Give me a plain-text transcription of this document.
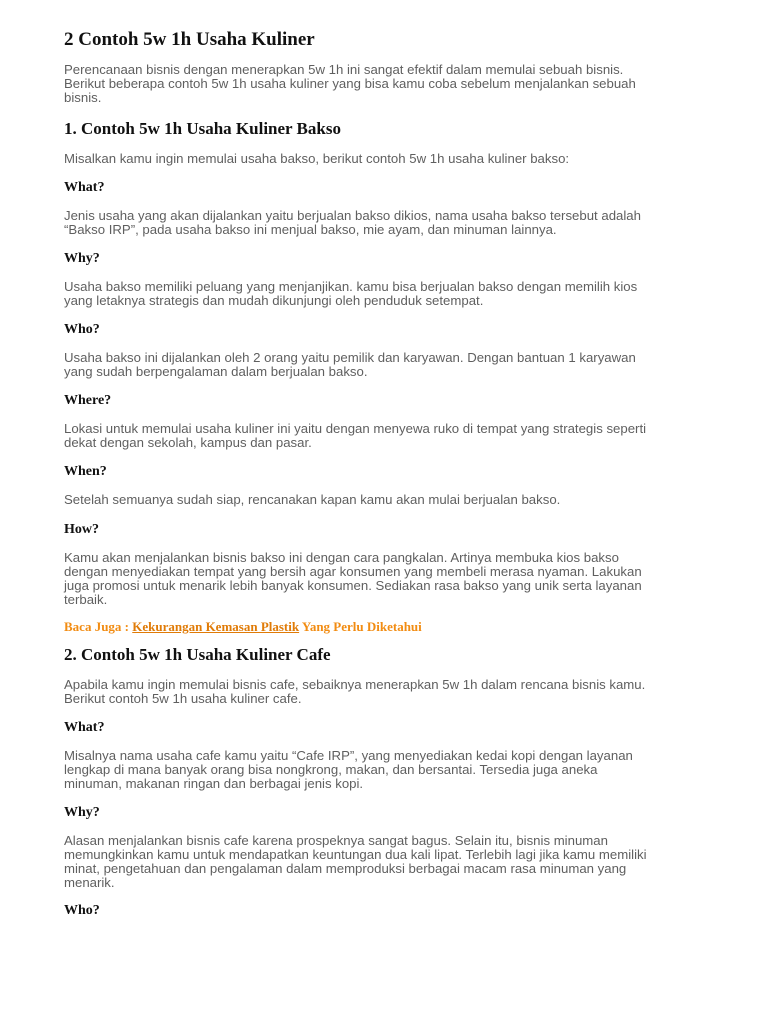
2 Contoh 5w 1h Usaha Kuliner

Perencanaan bisnis dengan menerapkan 5w 1h ini sangat efektif dalam memulai sebuah bisnis.
Berikut beberapa contoh 5w 1h usaha kuliner yang bisa kamu coba sebelum menjalankan sebuah
bisnis.

1. Contoh 5w 1h Usaha Kuliner Bakso

Misalkan kamu ingin memulai usaha bakso, berikut contoh 5w 1h usaha kuliner bakso:

What?

Jenis usaha yang akan dijalankan yaitu berjualan bakso dikios, nama usaha bakso tersebut adalah
“Bakso IRP”, pada usaha bakso ini menjual bakso, mie ayam, dan minuman lainnya.

Why?

Usaha bakso memiliki peluang yang menjanjikan. kamu bisa berjualan bakso dengan memilih kios
yang letaknya strategis dan mudah dikunjungi oleh penduduk setempat.

Who?

Usaha bakso ini dijalankan oleh 2 orang yaitu pemilik dan karyawan. Dengan bantuan 1 karyawan
yang sudah berpengalaman dalam berjualan bakso.

Where?

Lokasi untuk memulai usaha kuliner ini yaitu dengan menyewa ruko di tempat yang strategis seperti
dekat dengan sekolah, kampus dan pasar.

When?

Setelah semuanya sudah siap, rencanakan kapan kamu akan mulai berjualan bakso.

How?

Kamu akan menjalankan bisnis bakso ini dengan cara pangkalan. Artinya membuka kios bakso
dengan menyediakan tempat yang bersih agar konsumen yang membeli merasa nyaman. Lakukan
juga promosi untuk menarik lebih banyak konsumen. Sediakan rasa bakso yang unik serta layanan
terbaik.

Baca Juga : Kekurangan Kemasan Plastik Yang Perlu Diketahui
2. Contoh 5w 1h Usaha Kuliner Cafe

Apabila kamu ingin memulai bisnis cafe, sebaiknya menerapkan 5w 1h dalam rencana bisnis kamu.
Berikut contoh 5w 1h usaha kuliner cafe.

What?

Misalnya nama usaha cafe kamu yaitu “Cafe IRP”, yang menyediakan kedai kopi dengan layanan
lengkap di mana banyak orang bisa nongkrong, makan, dan bersantai. Tersedia juga aneka
minuman, makanan ringan dan berbagai jenis kopi.

Why?

Alasan menjalankan bisnis cafe karena prospeknya sangat bagus. Selain itu, bisnis minuman
memungkinkan kamu untuk mendapatkan keuntungan dua kali lipat. Terlebih lagi jika kamu memiliki
minat, pengetahuan dan pengalaman dalam memproduksi berbagai macam rasa minuman yang
menarik.

Who?
